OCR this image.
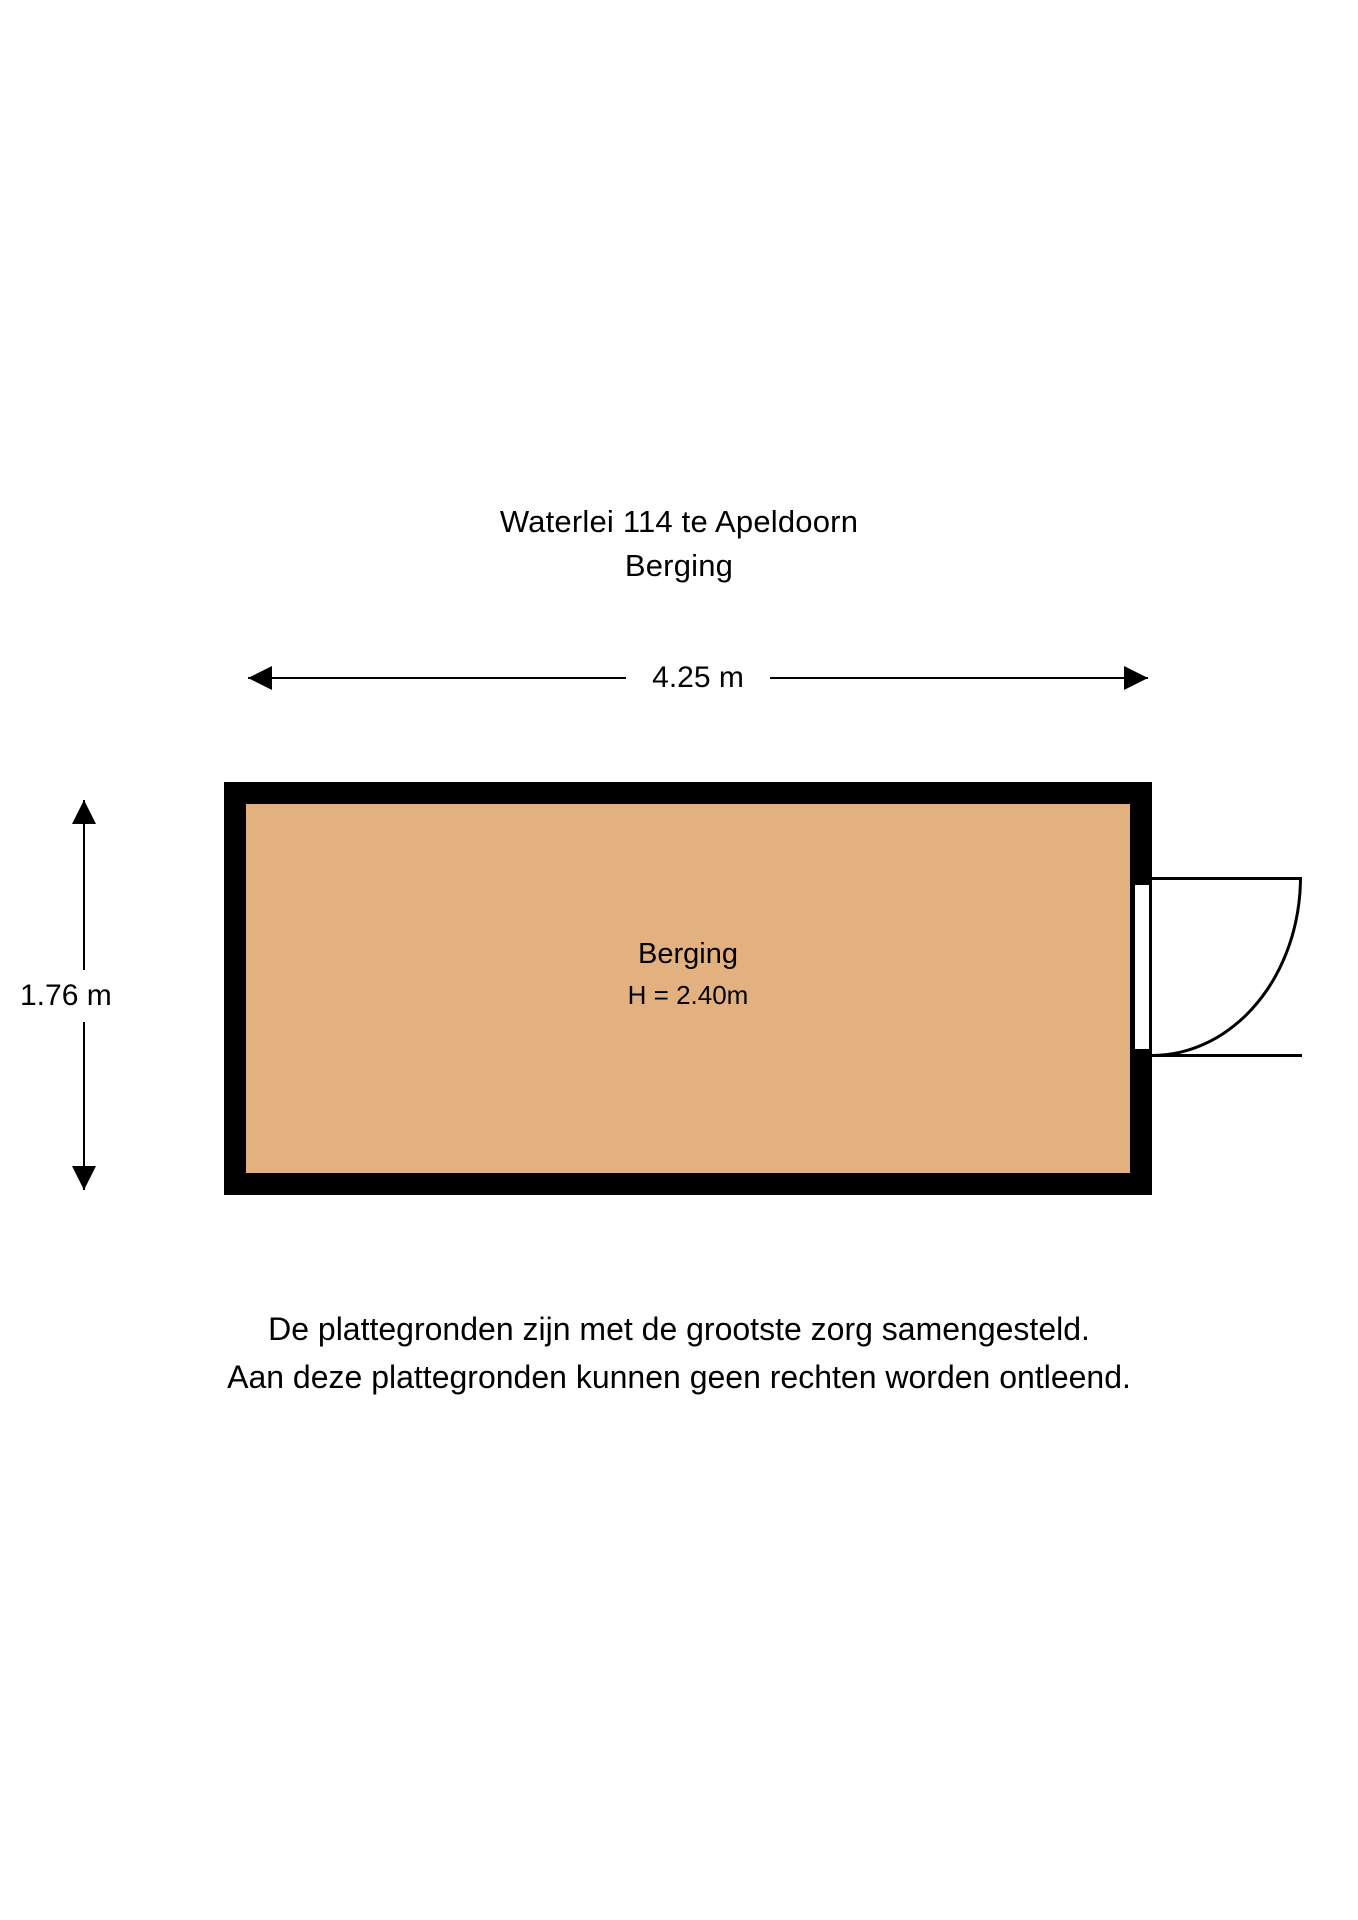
Waterlei 114 te Apeldoorn
Berging
4.25 m
1.76 m
Berging
H = 2.40m
De plattegronden zijn met de grootste zorg samengesteld.
Aan deze plattegronden kunnen geen rechten worden ontleend.
